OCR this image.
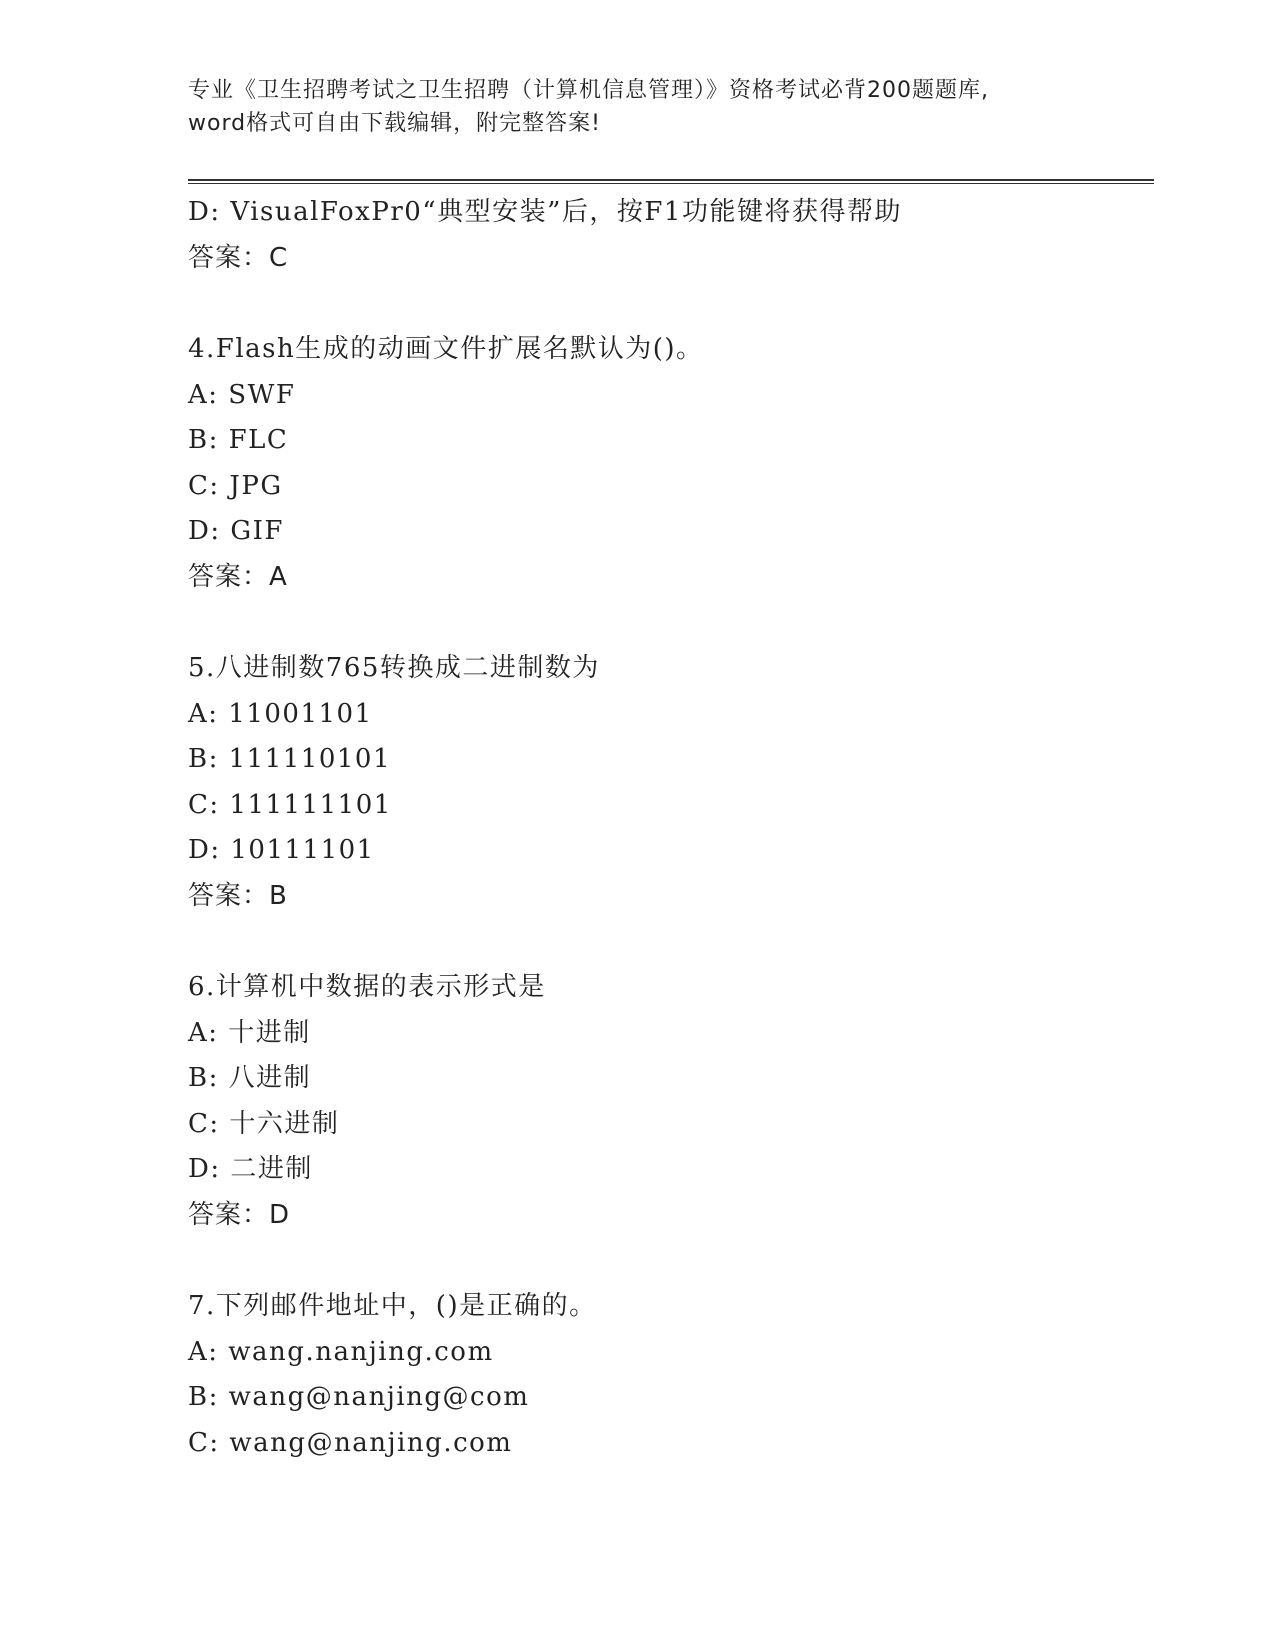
专业《卫生招聘考试之卫生招聘（计算机信息管理）》资格考试必背200题题库,
word格式可自由下载编辑，附完整答案!
D: VisualFoxPr0“典型安装”后，按F1功能键将获得帮助
答案：C
4.Flash生成的动画文件扩展名默认为()。
A: SWF
B: FLC
C: JPG
D: GIF
答案：A
5.八进制数765转换成二进制数为
A: 11001101
B: 111110101
C: 111111101
D: 10111101
答案：B
6.计算机中数据的表示形式是
A: 十进制
B: 八进制
C: 十六进制
D: 二进制
答案：D
7.下列邮件地址中，()是正确的。
A: wang.nanjing.com
B: wang@nanjing@com
C: wang@nanjing.com
